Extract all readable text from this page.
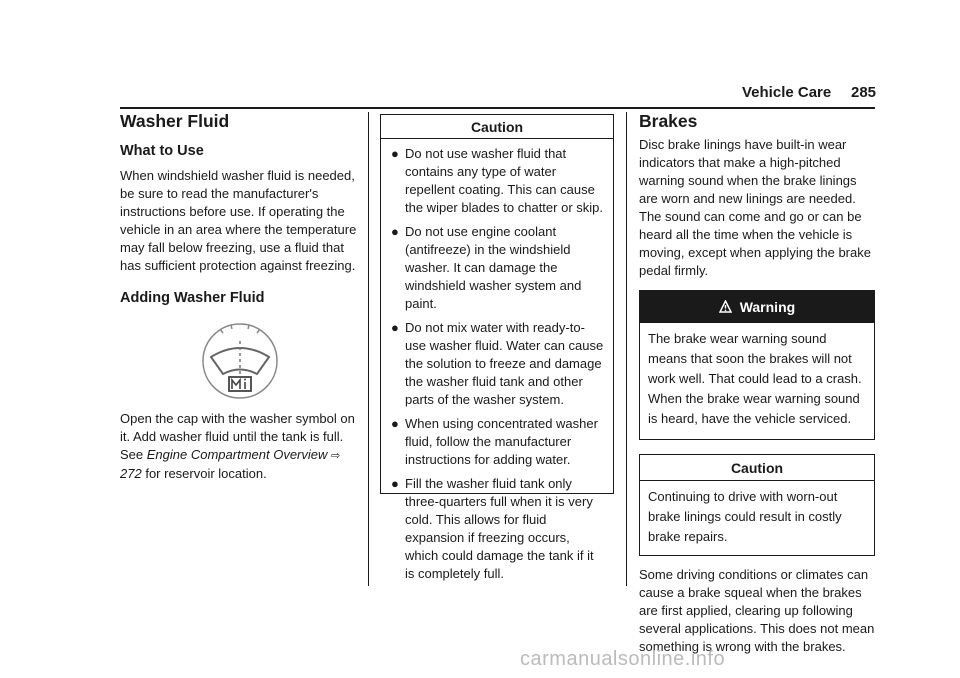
Vehicle Care 285
Washer Fluid
What to Use

When windshield washer fluid is needed, be sure to read the manufacturer's instructions before use. If operating the vehicle in an area where the temperature may fall below freezing, use a fluid that has sufficient protection against freezing.

Adding Washer Fluid

Open the cap with the washer symbol on it. Add washer fluid until the tank is full. See Engine Compartment Overview ⇨ 272 for reservoir location.

Caution
● Do not use washer fluid that contains any type of water repellent coating. This can cause the wiper blades to chatter or skip.
● Do not use engine coolant (antifreeze) in the windshield washer. It can damage the windshield washer system and paint.
● Do not mix water with ready-to-use washer fluid. Water can cause the solution to freeze and damage the washer fluid tank and other parts of the washer system.
● When using concentrated washer fluid, follow the manufacturer instructions for adding water.
● Fill the washer fluid tank only three-quarters full when it is very cold. This allows for fluid expansion if freezing occurs, which could damage the tank if it is completely full.
Brakes

Disc brake linings have built-in wear indicators that make a high-pitched warning sound when the brake linings are worn and new linings are needed. The sound can come and go or can be heard all the time when the vehicle is moving, except when applying the brake pedal firmly.

Warning

The brake wear warning sound means that soon the brakes will not work well. That could lead to a crash. When the brake wear warning sound is heard, have the vehicle serviced.

Caution

Continuing to drive with worn-out brake linings could result in costly brake repairs.

Some driving conditions or climates can cause a brake squeal when the brakes are first applied, clearing up following several applications. This does not mean something is wrong with the brakes.

carmanualsonline.info
